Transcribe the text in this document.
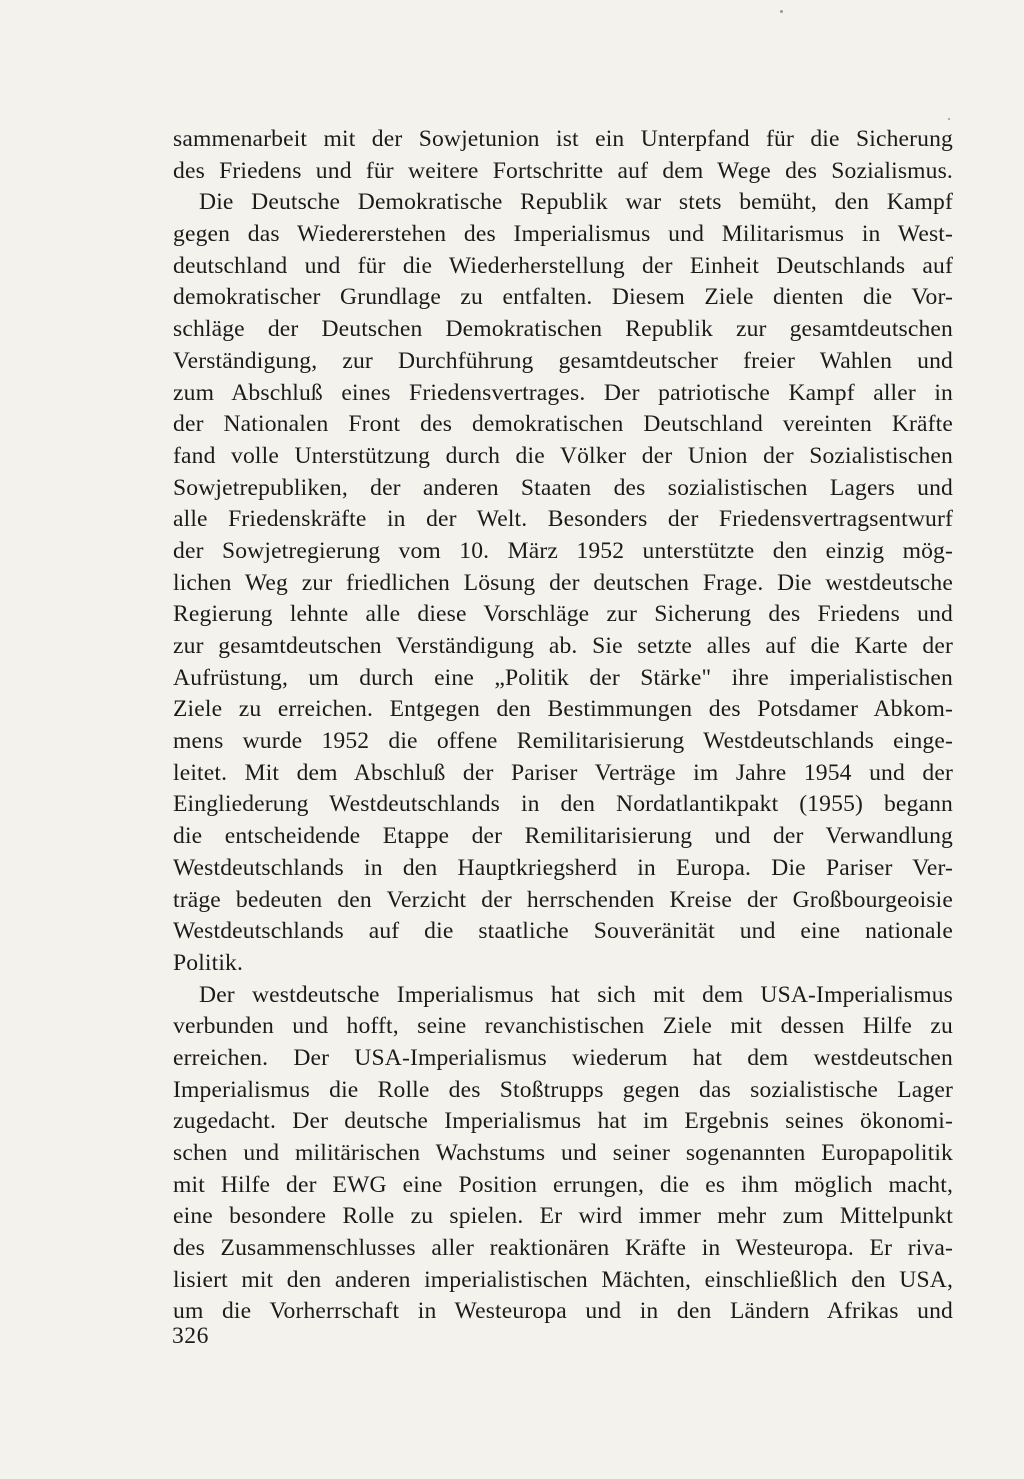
sammenarbeit mit der Sowjetunion ist ein Unterpfand für die Sicherung
des Friedens und für weitere Fortschritte auf dem Wege des Sozialismus.
Die Deutsche Demokratische Republik war stets bemüht, den Kampf
gegen das Wiedererstehen des Imperialismus und Militarismus in West-
deutschland und für die Wiederherstellung der Einheit Deutschlands auf
demokratischer Grundlage zu entfalten. Diesem Ziele dienten die Vor-
schläge der Deutschen Demokratischen Republik zur gesamtdeutschen
Verständigung, zur Durchführung gesamtdeutscher freier Wahlen und
zum Abschluß eines Friedensvertrages. Der patriotische Kampf aller in
der Nationalen Front des demokratischen Deutschland vereinten Kräfte
fand volle Unterstützung durch die Völker der Union der Sozialistischen
Sowjetrepubliken, der anderen Staaten des sozialistischen Lagers und
alle Friedenskräfte in der Welt. Besonders der Friedensvertragsentwurf
der Sowjetregierung vom 10. März 1952 unterstützte den einzig mög-
lichen Weg zur friedlichen Lösung der deutschen Frage. Die westdeutsche
Regierung lehnte alle diese Vorschläge zur Sicherung des Friedens und
zur gesamtdeutschen Verständigung ab. Sie setzte alles auf die Karte der
Aufrüstung, um durch eine „Politik der Stärke" ihre imperialistischen
Ziele zu erreichen. Entgegen den Bestimmungen des Potsdamer Abkom-
mens wurde 1952 die offene Remilitarisierung Westdeutschlands einge-
leitet. Mit dem Abschluß der Pariser Verträge im Jahre 1954 und der
Eingliederung Westdeutschlands in den Nordatlantikpakt (1955) begann
die entscheidende Etappe der Remilitarisierung und der Verwandlung
Westdeutschlands in den Hauptkriegsherd in Europa. Die Pariser Ver-
träge bedeuten den Verzicht der herrschenden Kreise der Großbourgeoisie
Westdeutschlands auf die staatliche Souveränität und eine nationale
Politik.
Der westdeutsche Imperialismus hat sich mit dem USA-Imperialismus
verbunden und hofft, seine revanchistischen Ziele mit dessen Hilfe zu
erreichen. Der USA-Imperialismus wiederum hat dem westdeutschen
Imperialismus die Rolle des Stoßtrupps gegen das sozialistische Lager
zugedacht. Der deutsche Imperialismus hat im Ergebnis seines ökonomi-
schen und militärischen Wachstums und seiner sogenannten Europapolitik
mit Hilfe der EWG eine Position errungen, die es ihm möglich macht,
eine besondere Rolle zu spielen. Er wird immer mehr zum Mittelpunkt
des Zusammenschlusses aller reaktionären Kräfte in Westeuropa. Er riva-
lisiert mit den anderen imperialistischen Mächten, einschließlich den USA,
um die Vorherrschaft in Westeuropa und in den Ländern Afrikas und
326
